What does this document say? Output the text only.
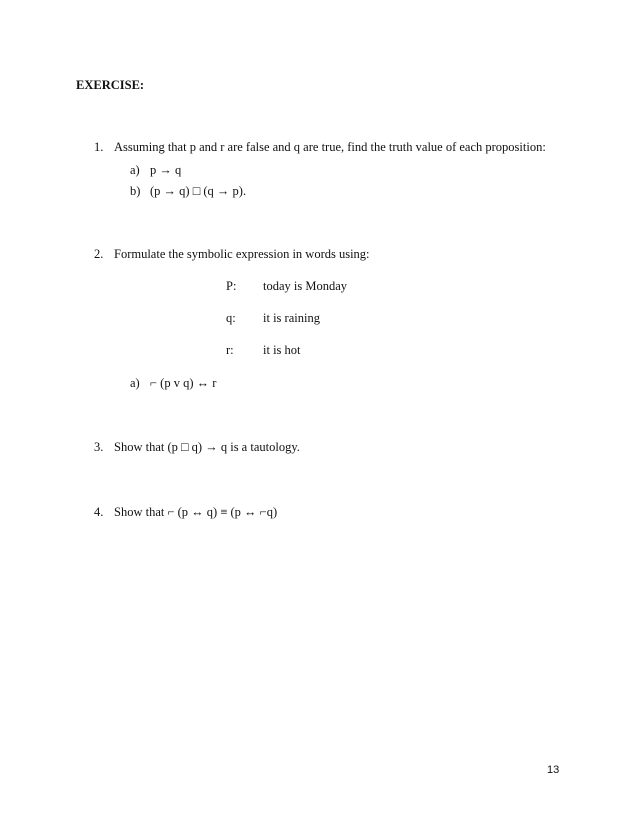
EXERCISE:
1. Assuming that p and r are false and q are true, find the truth value of each proposition:
a) p → q
b) (p → q) □ (q → p).
2. Formulate the symbolic expression in words using:
P: today is Monday
q: it is raining
r: it is hot
a) ⌐ (p v q) ↔ r
3. Show that (p □ q) → q is a tautology.
4. Show that ⌐ (p ↔ q) ≡ (p ↔ ⌐q)
13
